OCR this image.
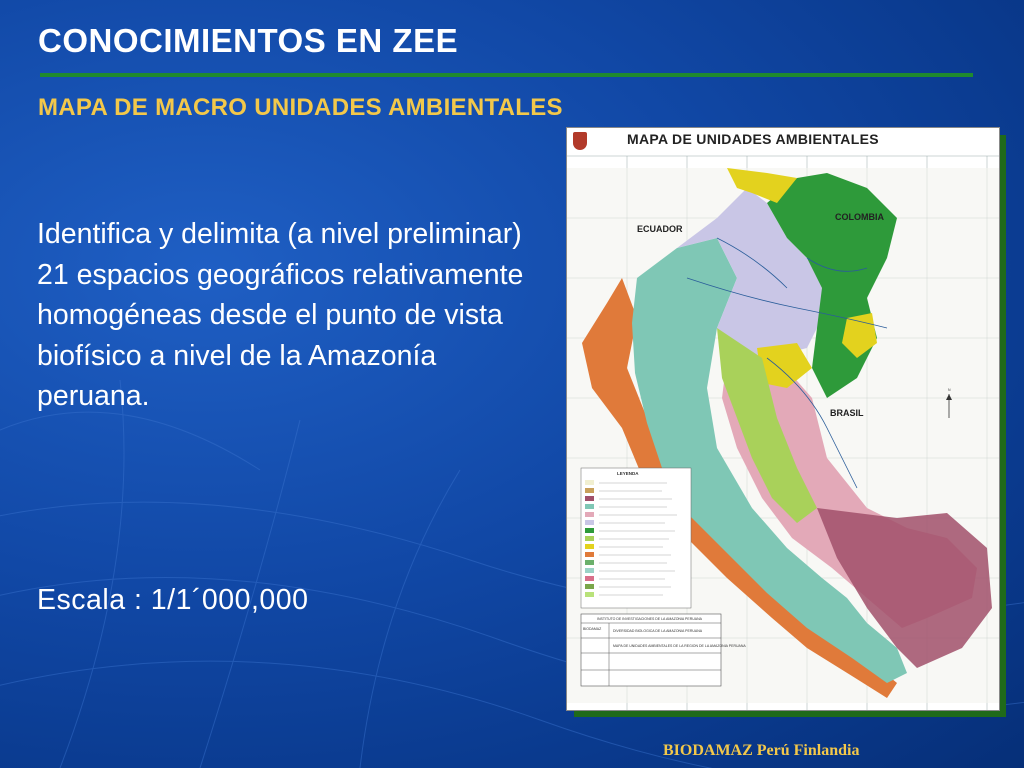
CONOCIMIENTOS EN ZEE
MAPA DE MACRO UNIDADES AMBIENTALES
Identifica y delimita (a nivel preliminar) 21 espacios geográficos relativamente homogéneas desde el punto de vista biofísico a nivel de la Amazonía peruana.
Escala : 1/1´000,000
MAPA DE UNIDADES AMBIENTALES
ECUADOR
COLOMBIA
BRASIL
N
LEYENDA
INSTITUTO DE INVESTIGACIONES DE LA AMAZONIA PERUANA
BIODAMAZ	DIVERSIDAD BIOLOGICA DE LA AMAZONIA PERUANA
MAPA DE UNIDADES AMBIENTALES DE LA REGION DE LA AMAZONIA PERUANA
BIODAMAZ Perú Finlandia
